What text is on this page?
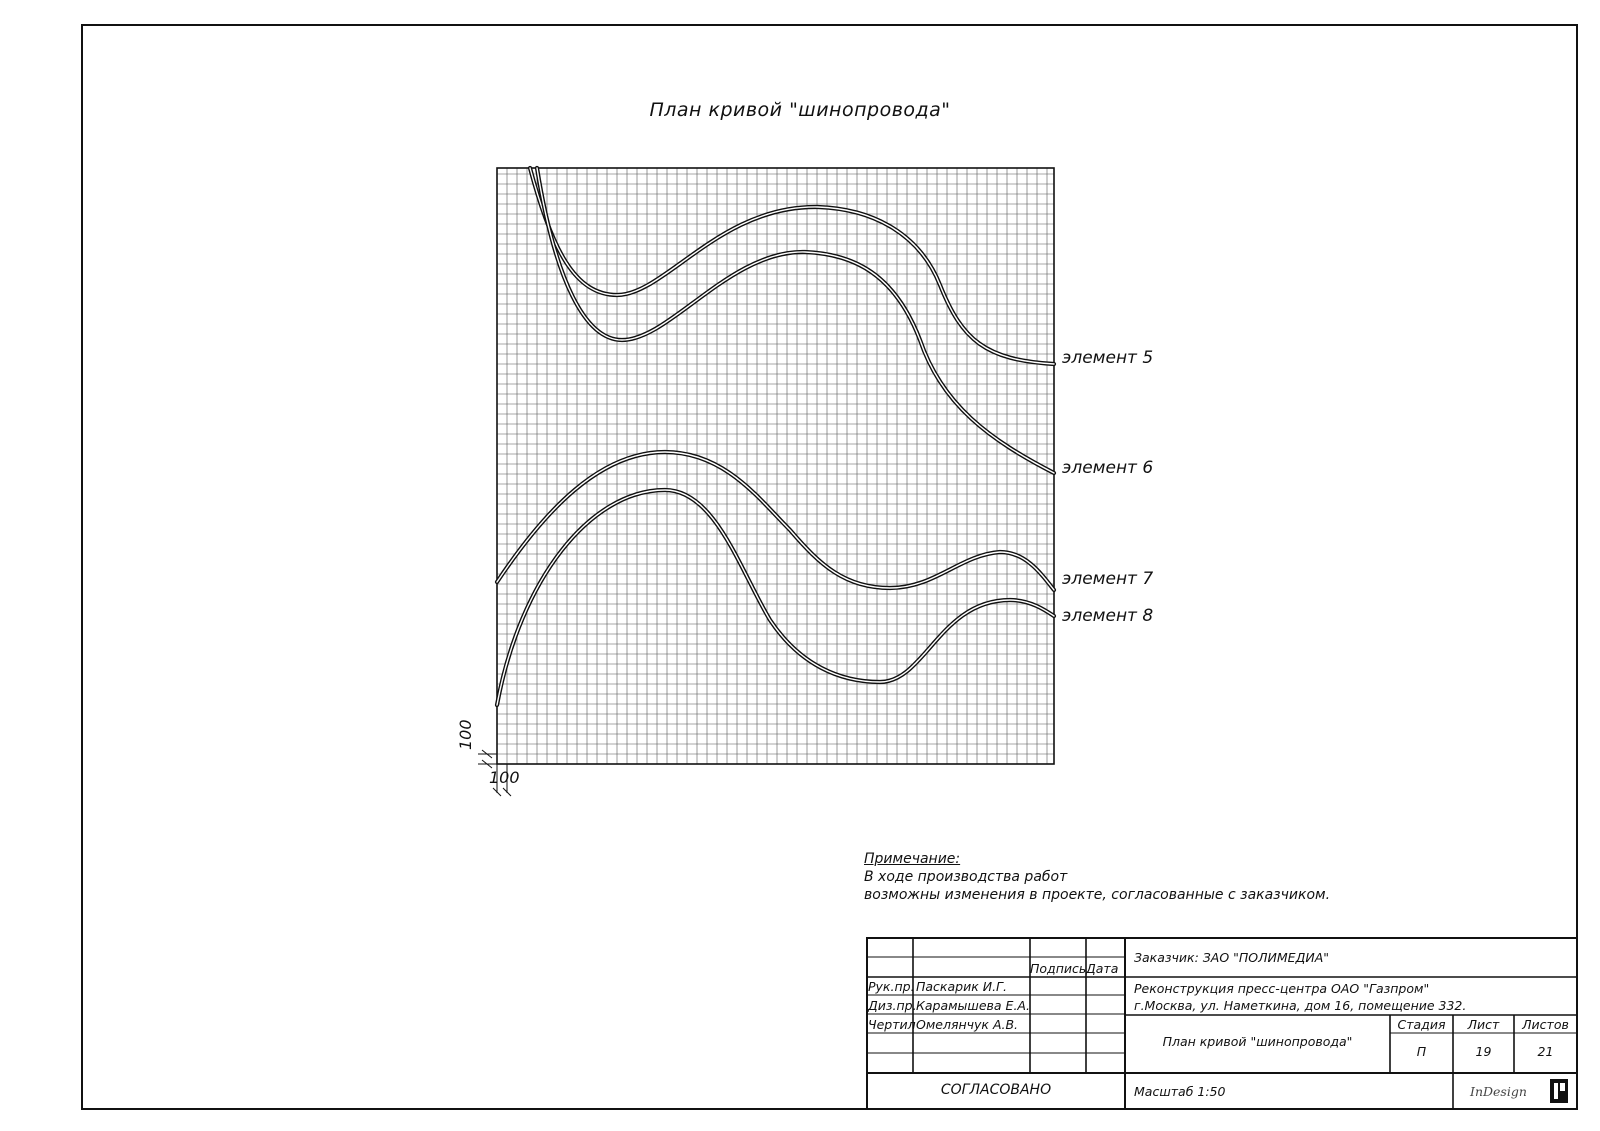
План кривой "шинопровода"
элемент 5
элемент 6
элемент 7
элемент 8
100
100
Примечание:
В ходе производства работ
возможны изменения в проекте, согласованные с заказчиком.
Подпись Дата
Рук.пр. Паскарик И.Г.
Диз.пр. Карамышева Е.А.
Чертил Омелянчук А.В.
СОГЛАСОВАНО
Заказчик: ЗАО "ПОЛИМЕДИА"
Реконструкция пресс-центра ОАО "Газпром"
г.Москва, ул. Наметкина, дом 16, помещение 332.
План кривой "шинопровода"
Стадия	Лист	Листов
П	19	21
Масштаб 1:50	InDesign
